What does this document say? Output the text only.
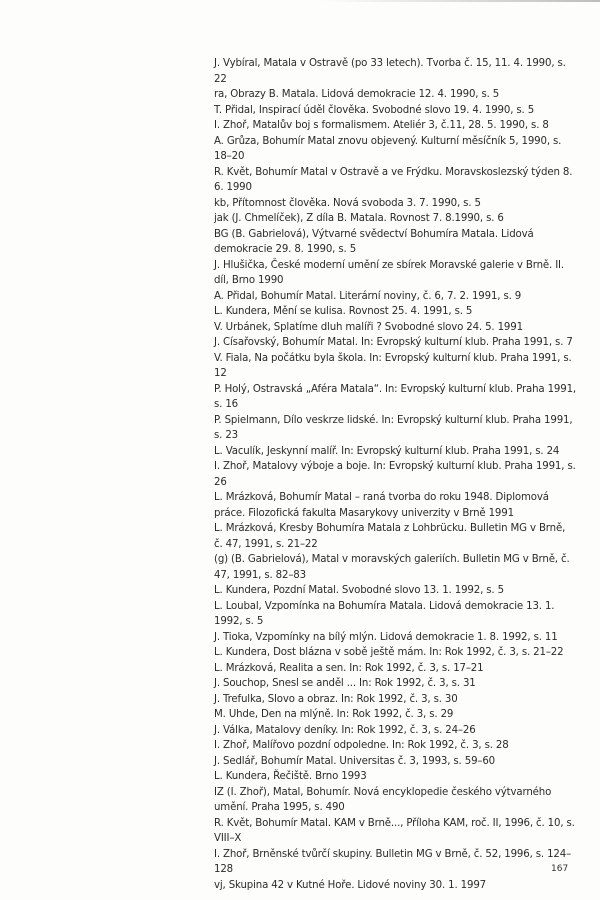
J. Vybíral, Matala v Ostravě (po 33 letech). Tvorba č. 15, 11. 4. 1990, s. 22
ra, Obrazy B. Matala. Lidová demokracie 12. 4. 1990, s. 5
T. Přidal, Inspirací úděl člověka. Svobodné slovo 19. 4. 1990, s. 5
I. Zhoř, Matalův boj s formalismem. Ateliér 3, č.11, 28. 5. 1990, s. 8
A. Grůza, Bohumír Matal znovu objevený. Kulturní měsíčník 5, 1990, s. 18–20
R. Květ, Bohumír Matal v Ostravě a ve Frýdku. Moravskoslezský týden 8. 6. 1990
kb, Přítomnost člověka. Nová svoboda 3. 7. 1990, s. 5
jak (J. Chmelíček), Z díla B. Matala. Rovnost 7. 8.1990, s. 6
BG (B. Gabrielová), Výtvarné svědectví Bohumíra Matala. Lidová demokracie 29. 8. 1990, s. 5
J. Hlušička, České moderní umění ze sbírek Moravské galerie v Brně. II. díl, Brno 1990
A. Přidal, Bohumír Matal. Literární noviny, č. 6, 7. 2. 1991, s. 9
L. Kundera, Mění se kulisa. Rovnost 25. 4. 1991, s. 5
V. Urbánek, Splatíme dluh malíři ? Svobodné slovo 24. 5. 1991
J. Císařovský, Bohumír Matal. In: Evropský kulturní klub. Praha 1991, s. 7
V. Fiala, Na počátku byla škola. In: Evropský kulturní klub. Praha 1991, s. 12
P. Holý, Ostravská „Aféra Matala“. In: Evropský kulturní klub. Praha 1991, s. 16
P. Spielmann, Dílo veskrze lidské. In: Evropský kulturní klub. Praha 1991, s. 23
L. Vaculík, Jeskynní malíř. In: Evropský kulturní klub. Praha 1991, s. 24
I. Zhoř, Matalovy výboje a boje. In: Evropský kulturní klub. Praha 1991, s. 26
L. Mrázková, Bohumír Matal – raná tvorba do roku 1948. Diplomová práce. Filozofická fakulta Masarykovy univerzity v Brně 1991
L. Mrázková, Kresby Bohumíra Matala z Lohbrücku. Bulletin MG v Brně, č. 47, 1991, s. 21–22
(g) (B. Gabrielová), Matal v moravských galeriích. Bulletin MG v Brně, č. 47, 1991, s. 82–83
L. Kundera, Pozdní Matal. Svobodné slovo 13. 1. 1992, s. 5
L. Loubal, Vzpomínka na Bohumíra Matala. Lidová demokracie 13. 1. 1992, s. 5
J. Tioka, Vzpomínky na bílý mlýn. Lidová demokracie 1. 8. 1992, s. 11
L. Kundera, Dost blázna v sobě ještě mám. In: Rok 1992, č. 3, s. 21–22
L. Mrázková, Realita a sen. In: Rok 1992, č. 3, s. 17–21
J. Souchop, Snesl se anděl ... In: Rok 1992, č. 3, s. 31
J. Trefulka, Slovo a obraz. In: Rok 1992, č. 3, s. 30
M. Uhde, Den na mlýně. In: Rok 1992, č. 3, s. 29
J. Válka, Matalovy deníky. In: Rok 1992, č. 3, s. 24–26
I. Zhoř, Malířovo pozdní odpoledne. In: Rok 1992, č. 3, s. 28
J. Sedlář, Bohumír Matal. Universitas č. 3, 1993, s. 59–60
L. Kundera, Řečiště. Brno 1993
IZ (I. Zhoř), Matal, Bohumír. Nová encyklopedie českého výtvarného umění. Praha 1995, s. 490
R. Květ, Bohumír Matal. KAM v Brně..., Příloha KAM, roč. II, 1996, č. 10, s. VIII–X
I. Zhoř, Brněnské tvůrčí skupiny. Bulletin MG v Brně, č. 52, 1996, s. 124–128
vj, Skupina 42 v Kutné Hoře. Lidové noviny 30. 1. 1997
167
